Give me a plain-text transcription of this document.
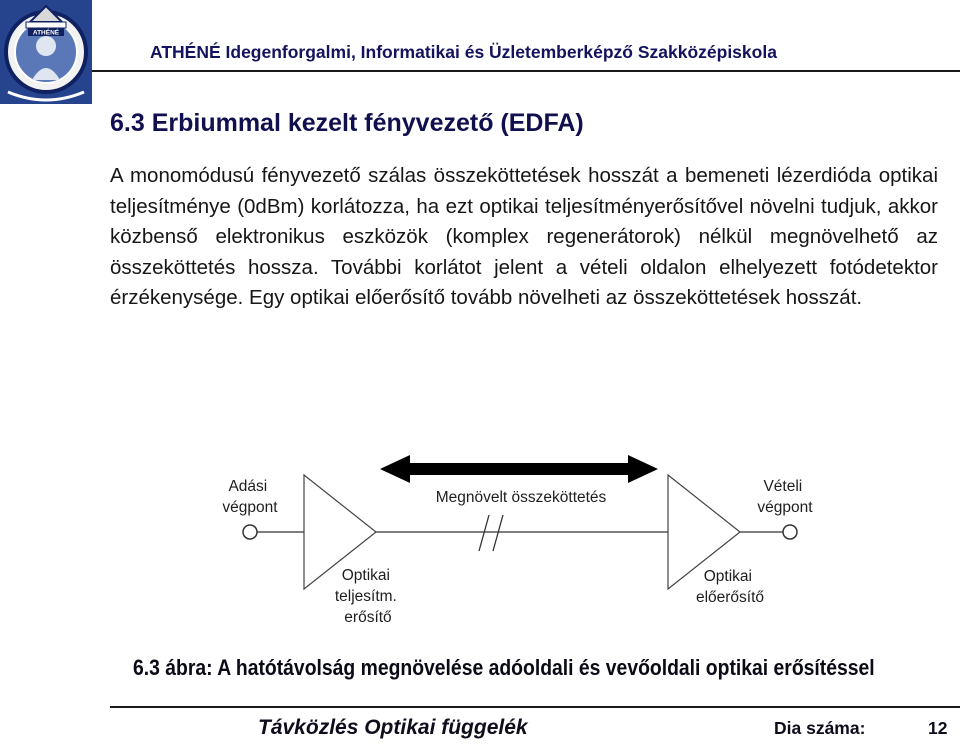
ATHÉNÉ
ATHÉNÉ Idegenforgalmi, Informatikai és Üzletemberképző Szakközépiskola
6.3 Erbiummal kezelt fényvezető (EDFA)

A monomódusú fényvezető szálas összeköttetések hosszát a bemeneti lézerdióda optikai teljesítménye (0dBm) korlátozza, ha ezt optikai teljesítményerősítővel növelni tudjuk, akkor közbenső elektronikus eszközök (komplex regenerátorok) nélkül megnövelhető az összeköttetés hossza. További korlátot jelent a vételi oldalon elhelyezett fotódetektor érzékenysége. Egy optikai előerősítő tovább növelheti az összeköttetések hosszát.

Adási végpont
Vételi végpont
Megnövelt összeköttetés
Optikai teljesítm. erősítő
Optikai előerősítő
6.3 ábra: A hatótávolság megnövelése adóoldali és vevőoldali optikai erősítéssel
Távközlés Optikai függelék	Dia száma:	12
